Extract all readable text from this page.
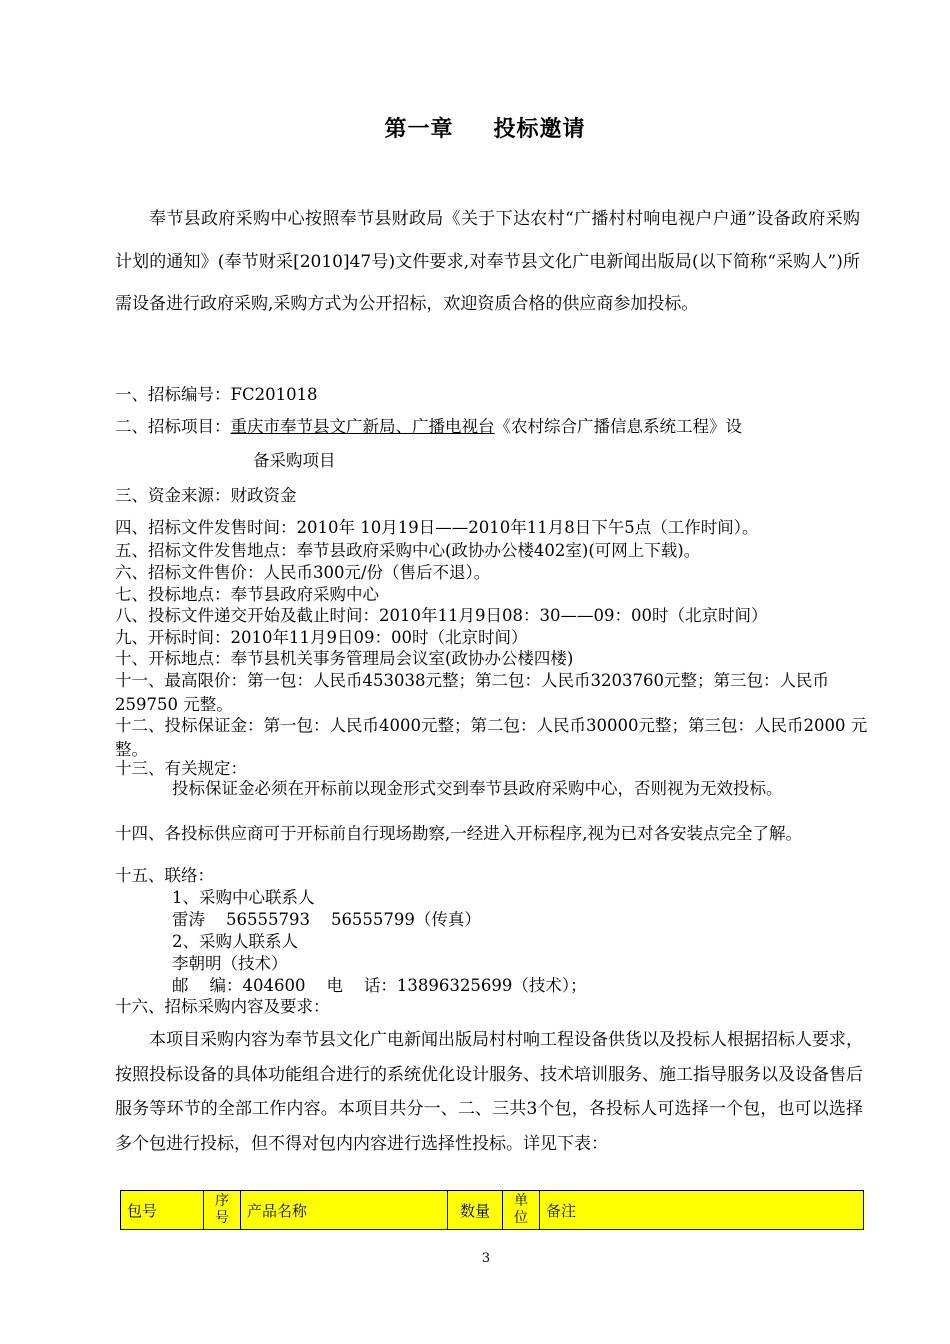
第一章 投标邀请

奉节县政府采购中心按照奉节县财政局《关于下达农村“广播村村响电视户户通”设备政府采购计划的通知》(奉节财采[2010]47号)文件要求,对奉节县文化广电新闻出版局(以下简称“采购人”)所需设备进行政府采购,采购方式为公开招标，欢迎资质合格的供应商参加投标。

一、招标编号：FC201018
二、招标项目：重庆市奉节县文广新局、广播电视台《农村综合广播信息系统工程》设
备采购项目
三、资金来源：财政资金
四、招标文件发售时间：2010年 10月19日——2010年11月8日下午5点（工作时间）。
五、招标文件发售地点：奉节县政府采购中心(政协办公楼402室)(可网上下载)。
六、招标文件售价：人民币300元/份（售后不退）。
七、投标地点：奉节县政府采购中心
八、投标文件递交开始及截止时间：2010年11月9日08：30——09：00时（北京时间）
九、开标时间：2010年11月9日09：00时（北京时间）
十、开标地点：奉节县机关事务管理局会议室(政协办公楼四楼)
十一、最高限价：第一包：人民币453038元整；第二包：人民币3203760元整；第三包：人民币259750 元整。
十二、投标保证金：第一包：人民币4000元整；第二包：人民币30000元整；第三包：人民币2000 元整。
十三、有关规定：
投标保证金必须在开标前以现金形式交到奉节县政府采购中心，否则视为无效投标。
十四、各投标供应商可于开标前自行现场勘察,一经进入开标程序,视为已对各安装点完全了解。
十五、联络：
1、采购中心联系人
雷涛    56555793    56555799（传真）
2、采购人联系人
李朝明（技术）
邮    编：404600    电    话：13896325699（技术）；
十六、招标采购内容及要求：

本项目采购内容为奉节县文化广电新闻出版局村村响工程设备供货以及投标人根据招标人要求，按照投标设备的具体功能组合进行的系统优化设计服务、技术培训服务、施工指导服务以及设备售后服务等环节的全部工作内容。本项目共分一、二、三共3个包，各投标人可选择一个包，也可以选择多个包进行投标，但不得对包内内容进行选择性投标。详见下表：

包号	序号	产品名称	数量	单位	备注
3
